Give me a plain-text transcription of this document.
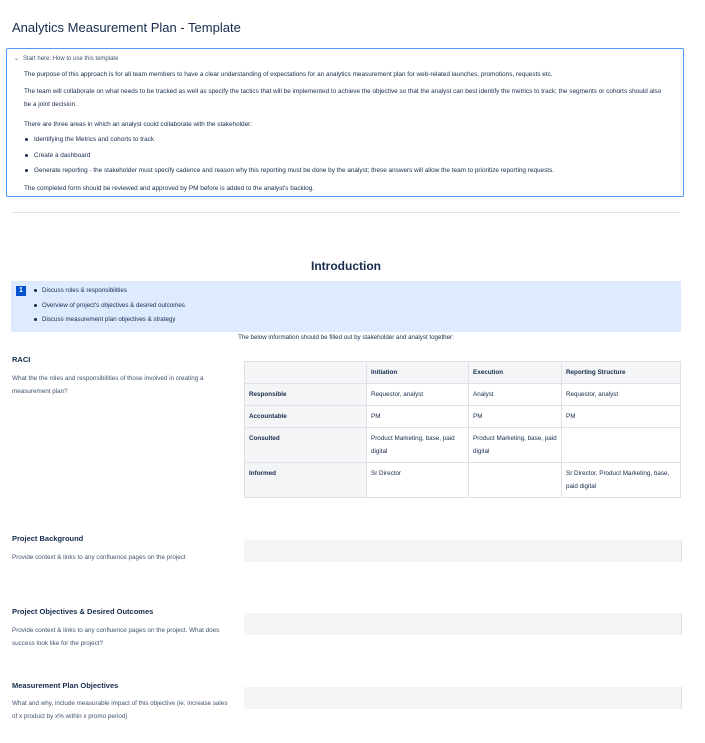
Analytics Measurement Plan - Template
⌄ Start here: How to use this template
The purpose of this approach is for all team members to have a clear understanding of expectations for an analytics measurement plan for web-related launches, promotions, requests etc.
The team will collaborate on what needs to be tracked as well as specify the tactics that will be implemented to achieve the objective so that the analyst can best identify the metrics to track; the segments or cohorts should also be a joint decision.
There are three areas in which an analyst could collaborate with the stakeholder:
Identifying the Metrics and cohorts to track
Create a dashboard
Generate reporting - the stakeholder must specify cadence and reason why this reporting must be done by the analyst; these answers will allow the team to prioritize reporting requests.
The completed form should be reviewed and approved by PM before is added to the analyst's backlog.
Introduction
1	Discuss roles & responsibilities
Overview of project's objectives & desired outcomes
Discuss measurement plan objectives & strategy
The below information should be filled out by stakeholder and analyst together:
RACI
What the the roles and responsibilities of those involved in creating a measurement plan?
	Initiation	Execution	Reporting Structure
Responsible	Requestor, analyst	Analyst	Requestor, analyst
Accountable	PM	PM	PM
Consulted	Product Marketing, base, paid digital	Product Marketing, base, paid digital	
Informed	Sr Director		Sr Director, Product Marketing, base, paid digital
Project Background
Provide context & links to any confluence pages on the project
Project Objectives & Desired Outcomes
Provide context & links to any confluence pages on the project. What does success look like for the project?
Measurement Plan Objectives
What and why, include measurable impact of this objective (ie. increase sales of x product by x% within x promo period)
